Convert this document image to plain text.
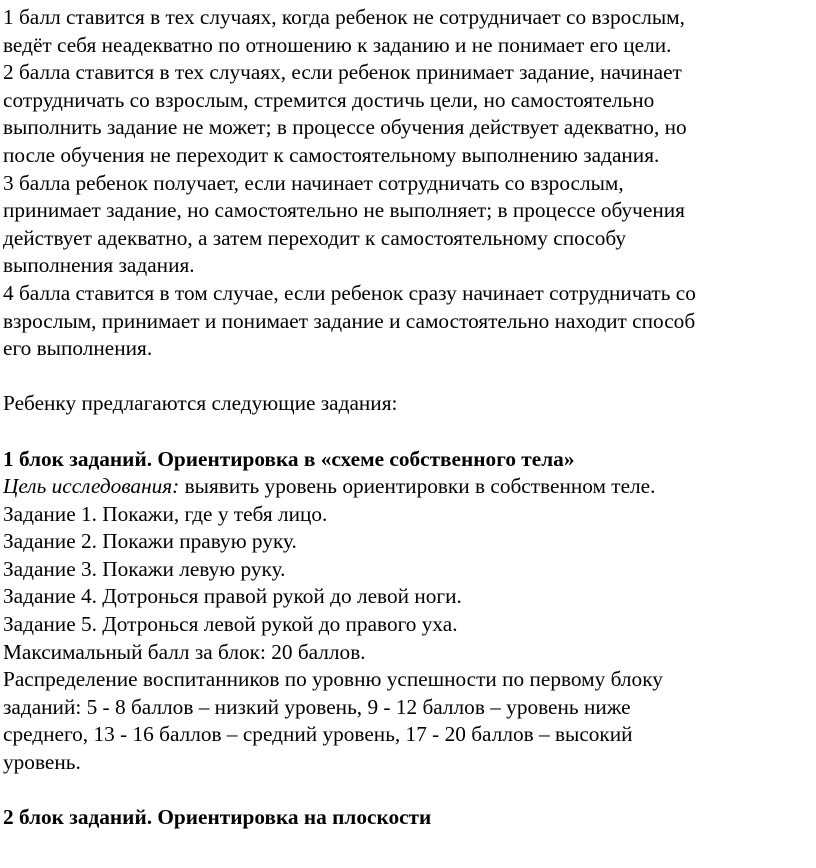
1 балл ставится в тех случаях, когда ребенок не сотрудничает со взрослым,
ведёт себя неадекватно по отношению к заданию и не понимает его цели.
2 балла ставится в тех случаях, если ребенок принимает задание, начинает
сотрудничать со взрослым, стремится достичь цели, но самостоятельно
выполнить задание не может; в процессе обучения действует адекватно, но
после обучения не переходит к самостоятельному выполнению задания.
3 балла ребенок получает, если начинает сотрудничать со взрослым,
принимает задание, но самостоятельно не выполняет; в процессе обучения
действует адекватно, а затем переходит к самостоятельному способу
выполнения задания.
4 балла ставится в том случае, если ребенок сразу начинает сотрудничать со
взрослым, принимает и понимает задание и самостоятельно находит способ
его выполнения.
Ребенку предлагаются следующие задания:
1 блок заданий. Ориентировка в «схеме собственного тела»
Цель исследования: выявить уровень ориентировки в собственном теле.
Задание 1. Покажи, где у тебя лицо.
Задание 2. Покажи правую руку.
Задание 3. Покажи левую руку.
Задание 4. Дотронься правой рукой до левой ноги.
Задание 5. Дотронься левой рукой до правого уха.
Максимальный балл за блок: 20 баллов.
Распределение воспитанников по уровню успешности по первому блоку
заданий: 5 - 8 баллов – низкий уровень, 9 - 12 баллов – уровень ниже
среднего, 13 - 16 баллов – средний уровень, 17 - 20 баллов – высокий
уровень.
2 блок заданий. Ориентировка на плоскости
